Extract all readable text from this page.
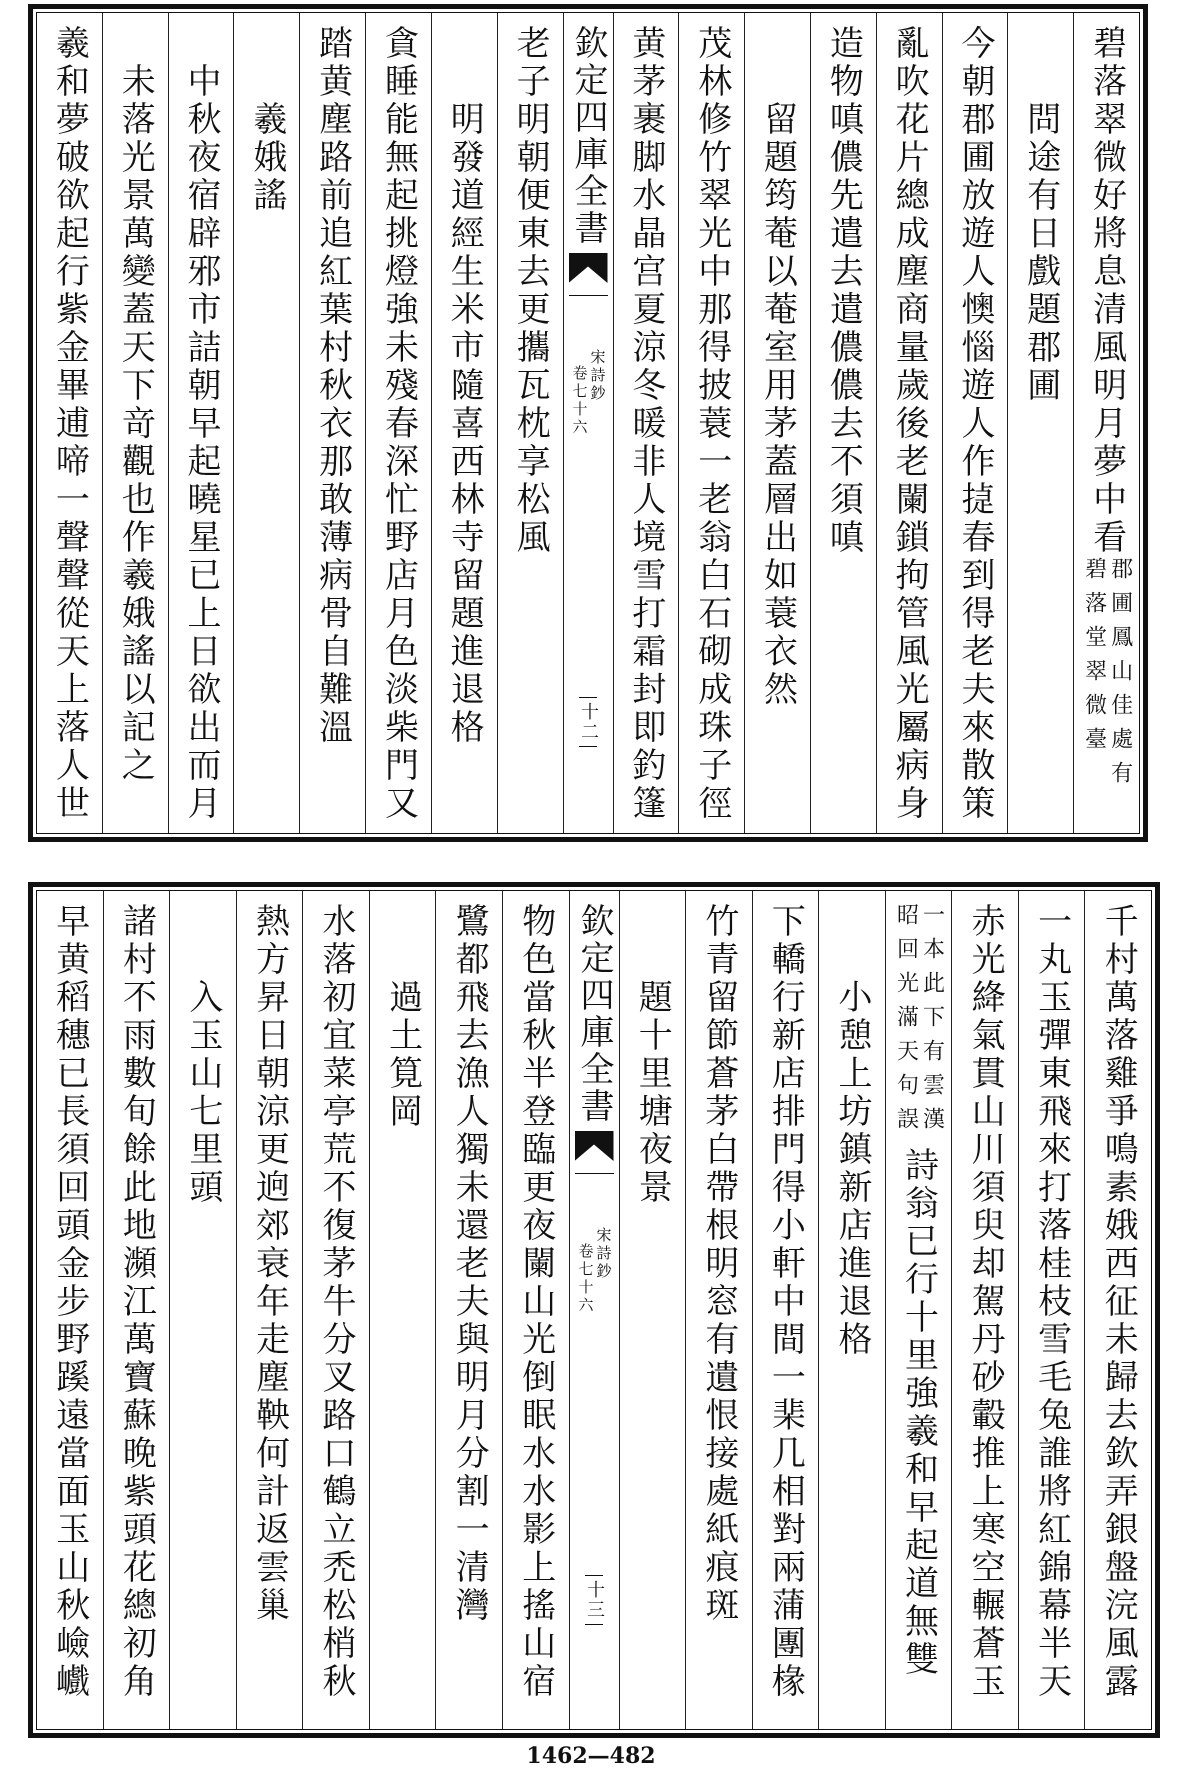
碧落翠微好將息清風明月夢中看
郡圃鳳山佳處有
碧落堂翠微臺
問途有日戲題郡圃
今朝郡圃放遊人懊惱遊人作㨗春到得老夫來散策
亂吹花片總成塵商量歲後老闌鎖拘管風光屬病身
造物嗔儂先遣去遣儂儂去不須嗔
留題筠菴以菴室用茅蓋層出如蓑衣然
茂林修竹翠光中那得披蓑一老翁白石砌成珠子徑
黄茅裹脚水晶宫夏涼冬暖非人境雪打霜封即釣篷
欽定四庫全書
宋詩鈔
卷七十六
十二
老子明朝便東去更攜瓦枕享松風
明發道經生米市隨喜西林寺留題進退格
貪睡能無起挑燈強未殘春深忙野店月色淡柴門又
踏黄塵路前追紅葉村秋衣那敢薄病骨自難溫
羲娥謠
中秋夜宿辟邪市詰朝早起曉星已上日欲出而月
未落光景萬變蓋天下竒觀也作羲娥謠以記之
羲和夢破欲起行紫金畢逋啼一聲聲從天上落人世
千村萬落雞爭鳴素娥西征未歸去欽弄銀盤浣風露
一丸玉彈東飛來打落桂枝雪毛兔誰將紅錦幕半天
赤光絳氣貫山川須臾却駕丹砂轂推上寒空輾蒼玉
一本此下有雲漢
昭回光滿天句誤
詩翁已行十里強羲和早起道無雙
小憩上坊鎮新店進退格
下轎行新店排門得小軒中間一棐几相對兩蒲團椽
竹青留節蒼茅白帶根明窓有遺恨接處紙痕斑
題十里塘夜景
欽定四庫全書
宋詩鈔
卷七十六
十三
物色當秋半登臨更夜闌山光倒眠水水影上搖山宿
鷺都飛去漁人獨未還老夫與明月分割一清灣
過土筧岡
水落初宜菜亭荒不復茅牛分叉路口鶴立禿松梢秋
熱方昇日朝涼更逈郊衰年走塵鞅何計返雲巢
入玉山七里頭
諸村不雨數旬餘此地瀕江萬寶蘇晚紫頭花總初角
早黄稻穗已長須回頭金步野蹊遠當面玉山秋嶮巇
1462—482
